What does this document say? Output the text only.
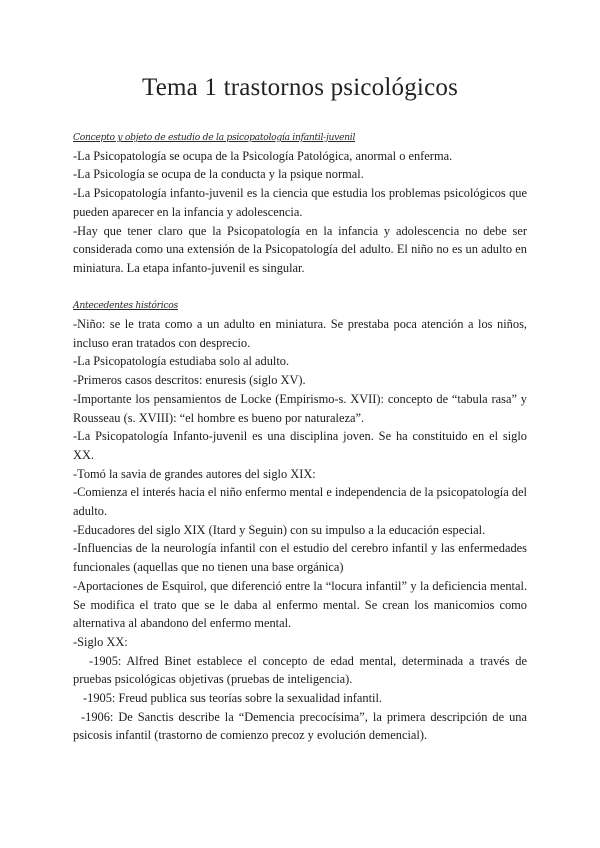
Tema 1 trastornos psicológicos
Concepto y objeto de estudio de la psicopatología infantil-juvenil

-La Psicopatología se ocupa de la Psicología Patológica, anormal o enferma.

-La Psicología se ocupa de la conducta y la psique normal.

-La Psicopatología infanto-juvenil es la ciencia que estudia los problemas psicológicos que pueden aparecer en la infancia y adolescencia.

-Hay que tener claro que la Psicopatología en la infancia y adolescencia no debe ser considerada como una extensión de la Psicopatología del adulto. El niño no es un adulto en miniatura. La etapa infanto-juvenil es singular.

Antecedentes históricos

-Niño: se le trata como a un adulto en miniatura. Se prestaba poca atención a los niños, incluso eran tratados con desprecio.

-La Psicopatología estudiaba solo al adulto.

-Primeros casos descritos: enuresis (siglo XV).

-Importante los pensamientos de Locke (Empirismo-s. XVII): concepto de “tabula rasa” y Rousseau (s. XVIII): “el hombre es bueno por naturaleza”.

-La Psicopatología Infanto-juvenil es una disciplina joven. Se ha constituido en el siglo XX.

-Tomó la savia de grandes autores del siglo XIX:

-Comienza el interés hacia el niño enfermo mental e independencia de la psicopatología del adulto.

-Educadores del siglo XIX (Itard y Seguin) con su impulso a la educación especial.

-Influencias de la neurología infantil con el estudio del cerebro infantil y las enfermedades funcionales (aquellas que no tienen una base orgánica)

-Aportaciones de Esquirol, que diferenció entre la “locura infantil” y la deficiencia mental. Se modifica el trato que se le daba al enfermo mental. Se crean los manicomios como alternativa al abandono del enfermo mental.

-Siglo XX:

-1905: Alfred Binet establece el concepto de edad mental, determinada a través de pruebas psicológicas objetivas (pruebas de inteligencia).

-1905: Freud publica sus teorías sobre la sexualidad infantil.

-1906: De Sanctis describe la “Demencia precocísima”, la primera descripción de una psicosis infantil (trastorno de comienzo precoz y evolución demencial).
